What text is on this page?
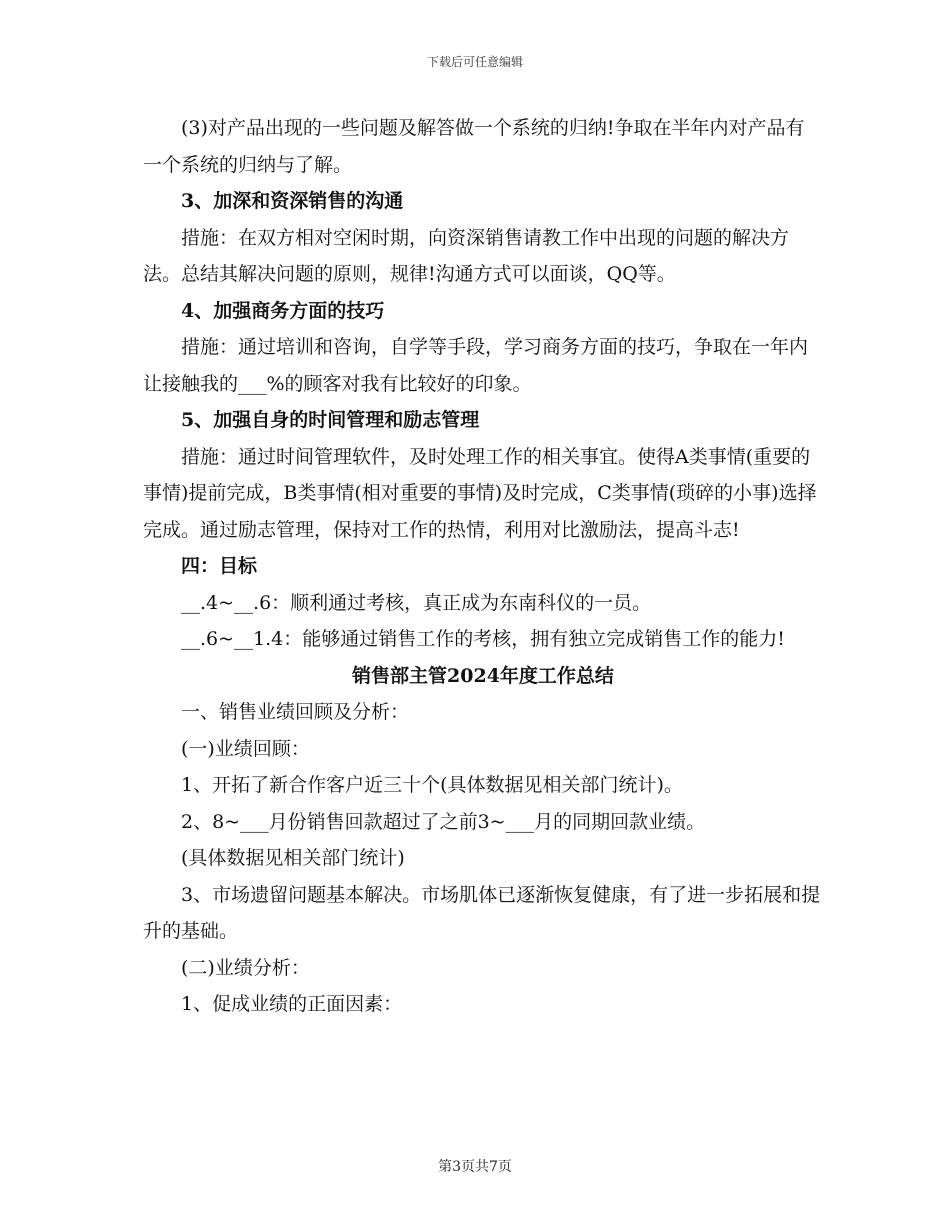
下载后可任意编辑

(3)对产品出现的一些问题及解答做一个系统的归纳!争取在半年内对产品有一个系统的归纳与了解。

3、加深和资深销售的沟通

措施：在双方相对空闲时期，向资深销售请教工作中出现的问题的解决方法。总结其解决问题的原则，规律!沟通方式可以面谈，QQ等。

4、加强商务方面的技巧

措施：通过培训和咨询，自学等手段，学习商务方面的技巧，争取在一年内让接触我的___%的顾客对我有比较好的印象。

5、加强自身的时间管理和励志管理

措施：通过时间管理软件，及时处理工作的相关事宜。使得A类事情(重要的事情)提前完成，B类事情(相对重要的事情)及时完成，C类事情(琐碎的小事)选择完成。通过励志管理，保持对工作的热情，利用对比激励法，提高斗志!

四：目标

__.4~__.6：顺利通过考核，真正成为东南科仪的一员。

__.6~__1.4：能够通过销售工作的考核，拥有独立完成销售工作的能力!

销售部主管2024年度工作总结

一、销售业绩回顾及分析：

(一)业绩回顾：

1、开拓了新合作客户近三十个(具体数据见相关部门统计)。

2、8~___月份销售回款超过了之前3~___月的同期回款业绩。

(具体数据见相关部门统计)

3、市场遗留问题基本解决。市场肌体已逐渐恢复健康，有了进一步拓展和提升的基础。

(二)业绩分析：

1、促成业绩的正面因素：

第3页共7页
